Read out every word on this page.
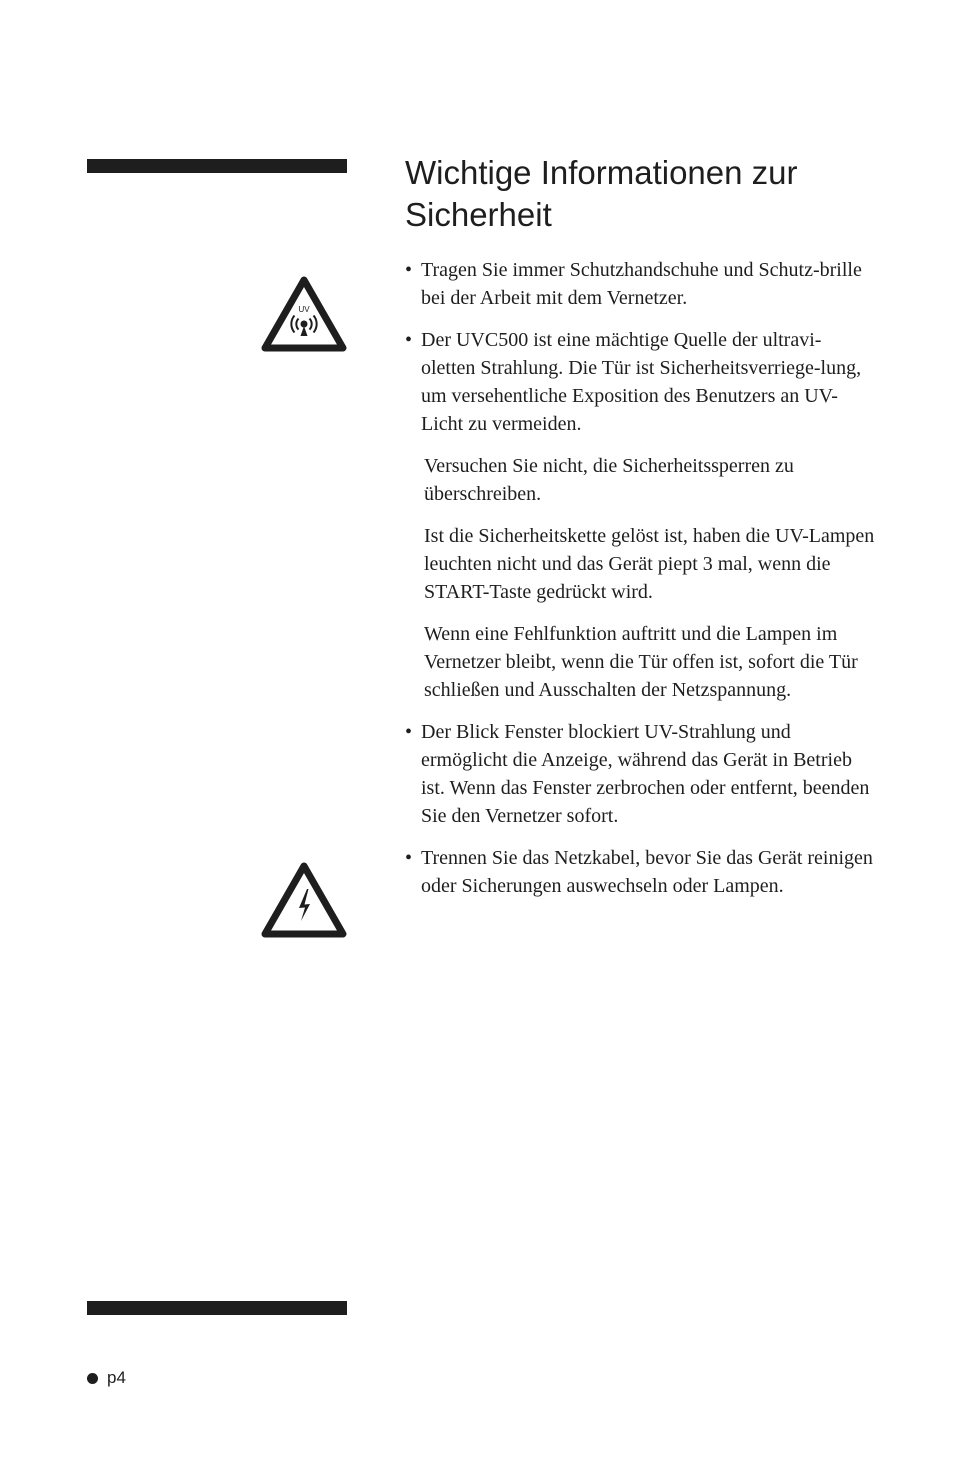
Wichtige Informationen zur Sicherheit
UV

• Tragen Sie immer Schutzhandschuhe und Schutz-brille bei der Arbeit mit dem Vernetzer.

• Der UVC500 ist eine mächtige Quelle der ultravi-oletten Strahlung. Die Tür ist Sicherheitsverriege-lung, um versehentliche Exposition des Benutzers an UV-Licht zu vermeiden.

Versuchen Sie nicht, die Sicherheitssperren zu überschreiben.

Ist die Sicherheitskette gelöst ist, haben die UV-Lampen leuchten nicht und das Gerät piept 3 mal, wenn die START-Taste gedrückt wird.

Wenn eine Fehlfunktion auftritt und die Lampen im Vernetzer bleibt, wenn die Tür offen ist, sofort die Tür schließen und Ausschalten der Netzspannung.

• Der Blick Fenster blockiert UV-Strahlung und ermöglicht die Anzeige, während das Gerät in Betrieb ist. Wenn das Fenster zerbrochen oder entfernt, beenden Sie den Vernetzer sofort.

• Trennen Sie das Netzkabel, bevor Sie das Gerät reinigen oder Sicherungen auswechseln oder Lampen.

p4
